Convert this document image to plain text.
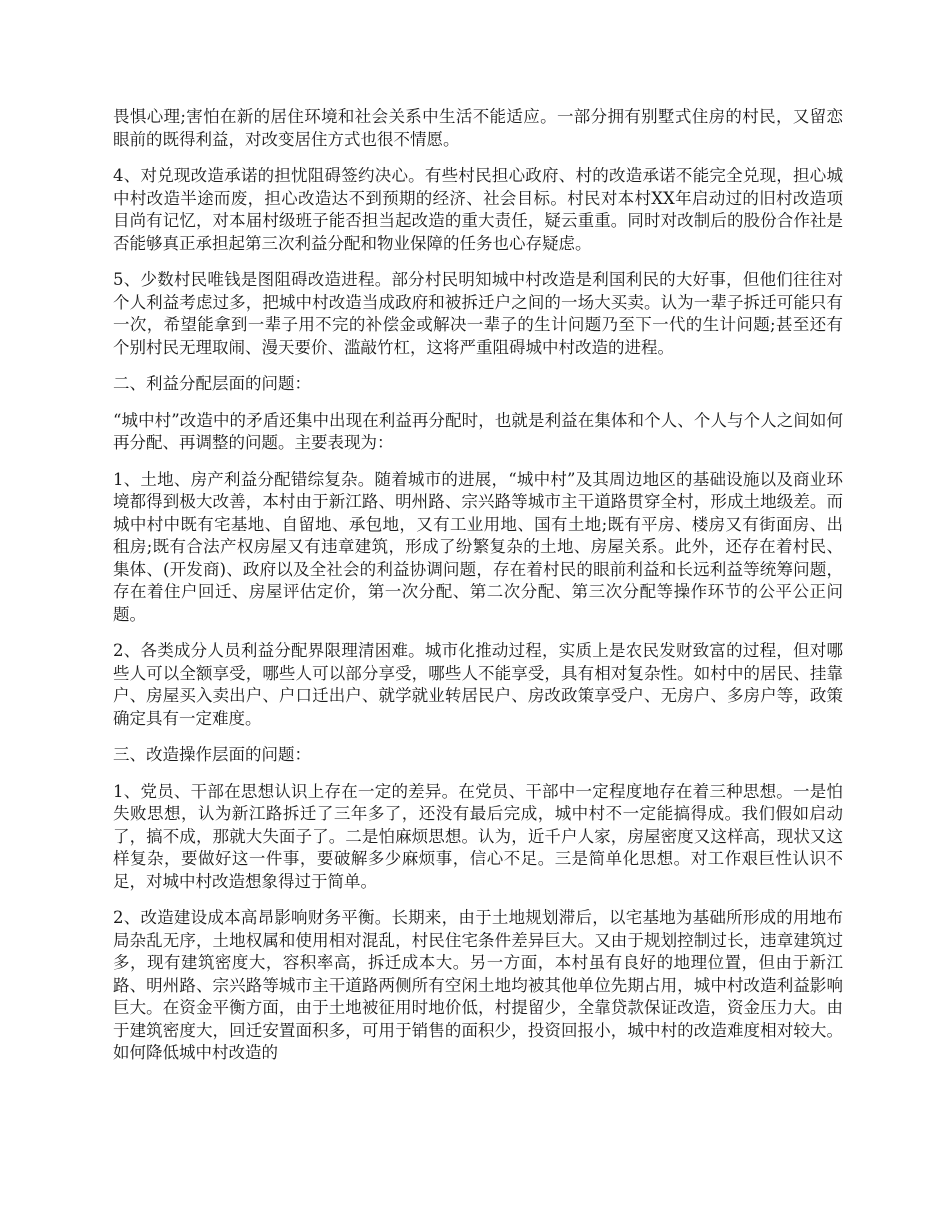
畏惧心理;害怕在新的居住环境和社会关系中生活不能适应。一部分拥有别墅式住房的村民，又留恋眼前的既得利益，对改变居住方式也很不情愿。

4、对兑现改造承诺的担忧阻碍签约决心。有些村民担心政府、村的改造承诺不能完全兑现，担心城中村改造半途而废，担心改造达不到预期的经济、社会目标。村民对本村XX年启动过的旧村改造项目尚有记忆，对本届村级班子能否担当起改造的重大责任，疑云重重。同时对改制后的股份合作社是否能够真正承担起第三次利益分配和物业保障的任务也心存疑虑。

5、少数村民唯钱是图阻碍改造进程。部分村民明知城中村改造是利国利民的大好事，但他们往往对个人利益考虑过多，把城中村改造当成政府和被拆迁户之间的一场大买卖。认为一辈子拆迁可能只有一次，希望能拿到一辈子用不完的补偿金或解决一辈子的生计问题乃至下一代的生计问题;甚至还有个别村民无理取闹、漫天要价、滥敲竹杠，这将严重阻碍城中村改造的进程。

二、利益分配层面的问题：

“城中村”改造中的矛盾还集中出现在利益再分配时，也就是利益在集体和个人、个人与个人之间如何再分配、再调整的问题。主要表现为：

1、土地、房产利益分配错综复杂。随着城市的进展，“城中村”及其周边地区的基础设施以及商业环境都得到极大改善，本村由于新江路、明州路、宗兴路等城市主干道路贯穿全村，形成土地级差。而城中村中既有宅基地、自留地、承包地，又有工业用地、国有土地;既有平房、楼房又有街面房、出租房;既有合法产权房屋又有违章建筑，形成了纷繁复杂的土地、房屋关系。此外，还存在着村民、集体、(开发商)、政府以及全社会的利益协调问题，存在着村民的眼前利益和长远利益等统筹问题，存在着住户回迁、房屋评估定价，第一次分配、第二次分配、第三次分配等操作环节的公平公正问题。

2、各类成分人员利益分配界限理清困难。城市化推动过程，实质上是农民发财致富的过程，但对哪些人可以全额享受，哪些人可以部分享受，哪些人不能享受，具有相对复杂性。如村中的居民、挂靠户、房屋买入卖出户、户口迁出户、就学就业转居民户、房改政策享受户、无房户、多房户等，政策确定具有一定难度。

三、改造操作层面的问题：

1、党员、干部在思想认识上存在一定的差异。在党员、干部中一定程度地存在着三种思想。一是怕失败思想，认为新江路拆迁了三年多了，还没有最后完成，城中村不一定能搞得成。我们假如启动了，搞不成，那就大失面子了。二是怕麻烦思想。认为，近千户人家，房屋密度又这样高，现状又这样复杂，要做好这一件事，要破解多少麻烦事，信心不足。三是简单化思想。对工作艰巨性认识不足，对城中村改造想象得过于简单。

2、改造建设成本高昂影响财务平衡。长期来，由于土地规划滞后，以宅基地为基础所形成的用地布局杂乱无序，土地权属和使用相对混乱，村民住宅条件差异巨大。又由于规划控制过长，违章建筑过多，现有建筑密度大，容积率高，拆迁成本大。另一方面，本村虽有良好的地理位置，但由于新江路、明州路、宗兴路等城市主干道路两侧所有空闲土地均被其他单位先期占用，城中村改造利益影响巨大。在资金平衡方面，由于土地被征用时地价低，村提留少，全靠贷款保证改造，资金压力大。由于建筑密度大，回迁安置面积多，可用于销售的面积少，投资回报小，城中村的改造难度相对较大。如何降低城中村改造的
